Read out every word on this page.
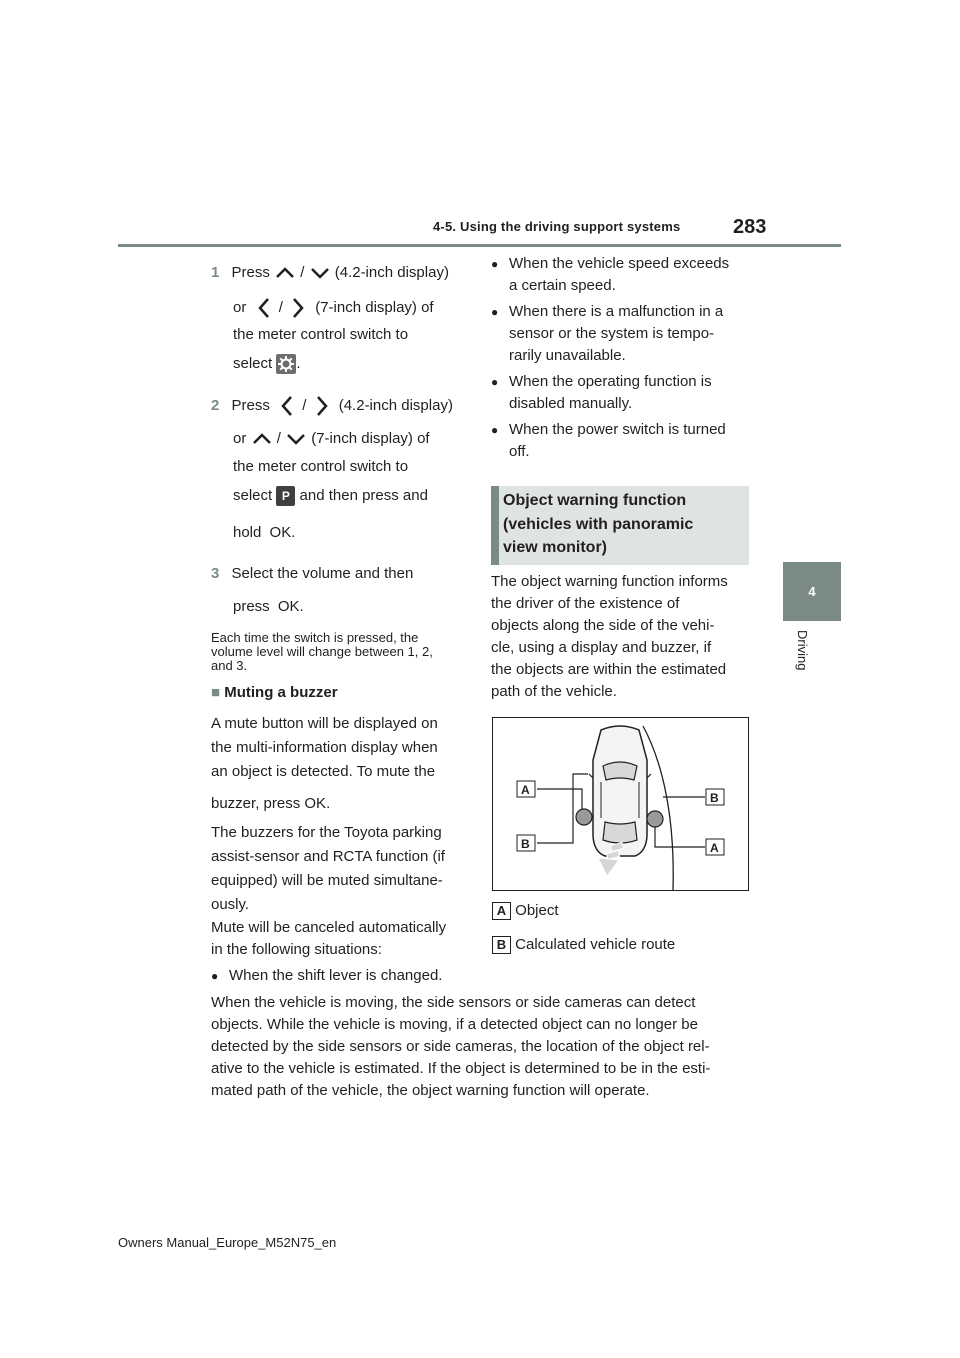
4-5. Using the driving support systems	283
4
Driving
1 Press / (4.2-inch display)
or / (7-inch display) of
the meter control switch to
select .
2 Press / (4.2-inch display)
or / (7-inch display) of
the meter control switch to
select P and then press and
hold OK.
3 Select the volume and then
press OK.
Each time the switch is pressed, the
volume level will change between 1, 2,
and 3.
■ Muting a buzzer
A mute button will be displayed on
the multi-information display when
an object is detected. To mute the
buzzer, press OK.
The buzzers for the Toyota parking
assist-sensor and RCTA function (if
equipped) will be muted simultane-
ously.
Mute will be canceled automatically
in the following situations:
● When the shift lever is changed.
● When the vehicle speed exceeds
a certain speed.
● When there is a malfunction in a
sensor or the system is tempo-
rarily unavailable.
● When the operating function is
disabled manually.
● When the power switch is turned
off.
Object warning function
(vehicles with panoramic
view monitor)
The object warning function informs
the driver of the existence of
objects along the side of the vehi-
cle, using a display and buzzer, if
the objects are within the estimated
path of the vehicle.
A
B
B
A
A Object
B Calculated vehicle route
When the vehicle is moving, the side sensors or side cameras can detect
objects. While the vehicle is moving, if a detected object can no longer be
detected by the side sensors or side cameras, the location of the object rel-
ative to the vehicle is estimated. If the object is determined to be in the esti-
mated path of the vehicle, the object warning function will operate.
Owners Manual_Europe_M52N75_en
